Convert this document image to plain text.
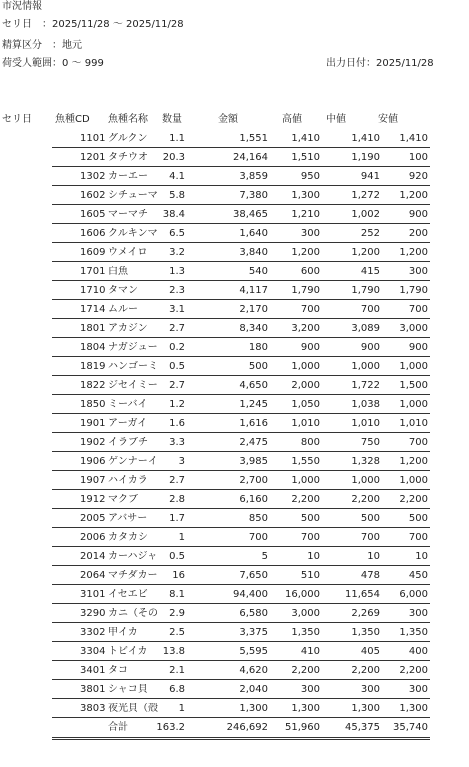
市況情報
セリ日　：2025/11/28 ～ 2025/11/28
精算区分　：地元
荷受人範囲：0 ～ 999	出力日付：2025/11/28
セリ日 魚種CD 魚種名称 数量	金額	高値 中値	安値
1101 グルクン	1.1	1,551 1,410	1,410 1,410
1201 タチウオ	20.3	24,164 1,510	1,190	100
1302 カーエー	4.1	3,859	950	941	920
1602 シチューマ	5.8	7,380 1,300	1,272 1,200
1605 マーマチ	38.4	38,465 1,210	1,002	900
1606 クルキンマ	6.5	1,640	300	252	200
1609 ウメイロ	3.2	3,840 1,200	1,200 1,200
1701 白魚	1.3	540	600	415	300
1710 タマン	2.3	4,117 1,790	1,790 1,790
1714 ムルー	3.1	2,170	700	700	700
1801 アカジン	2.7	8,340 3,200	3,089 3,000
1804 ナガジュー	0.2	180	900	900	900
1819 ハンゴーミ	0.5	500 1,000	1,000 1,000
1822 ジセイミー	2.7	4,650 2,000	1,722 1,500
1850 ミーバイ	1.2	1,245 1,050	1,038 1,000
1901 アーガイ	1.6	1,616 1,010	1,010 1,010
1902 イラブチ	3.3	2,475	800	750	700
1906 ゲンナーイ	3	3,985 1,550	1,328 1,200
1907 ハイカラ	2.7	2,700 1,000	1,000 1,000
1912 マクブ	2.8	6,160 2,200	2,200 2,200
2005 アバサー	1.7	850	500	500	500
2006 カタカシ	1	700	700	700	700
2014 カーハジャ	0.5	5	10	10	10
2064 マチダカー	16	7,650	510	478	450
3101 イセエビ	8.1	94,400 16,000	11,654 6,000
3290 カニ（その	2.9	6,580 3,000	2,269	300
3302 甲イカ	2.5	3,375 1,350	1,350 1,350
3304 トビイカ	13.8	5,595	410	405	400
3401 タコ	2.1	4,620 2,200	2,200 2,200
3801 シャコ貝	6.8	2,040	300	300	300
3803 夜光貝（殻	1	1,300 1,300	1,300 1,300
合計	163.2	246,692 51,960	45,375 35,740
